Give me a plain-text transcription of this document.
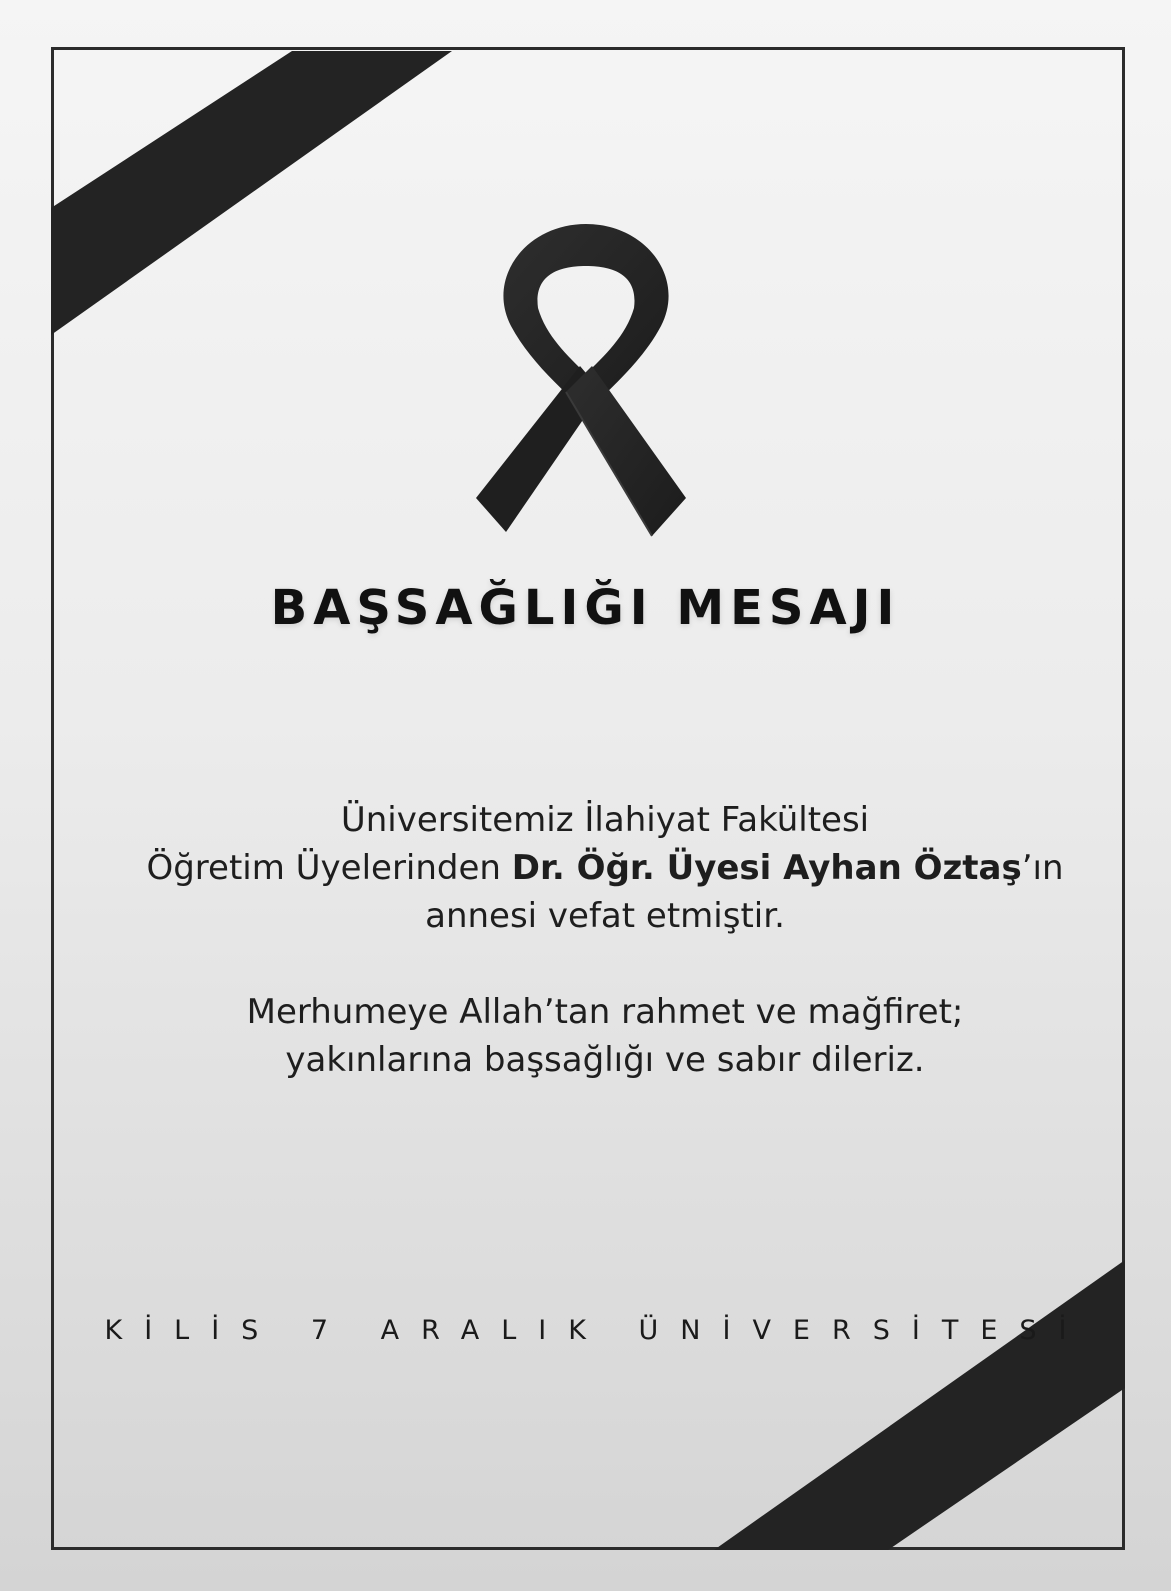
BAŞSAĞLIĞI MESAJI

Üniversitemiz İlahiyat Fakültesi
Öğretim Üyelerinden Dr. Öğr. Üyesi Ayhan Öztaş’ın
annesi vefat etmiştir.

Merhumeye Allah’tan rahmet ve mağfiret;
yakınlarına başsağlığı ve sabır dileriz.

KİLİS 7 ARALIK ÜNİVERSİTESİ
